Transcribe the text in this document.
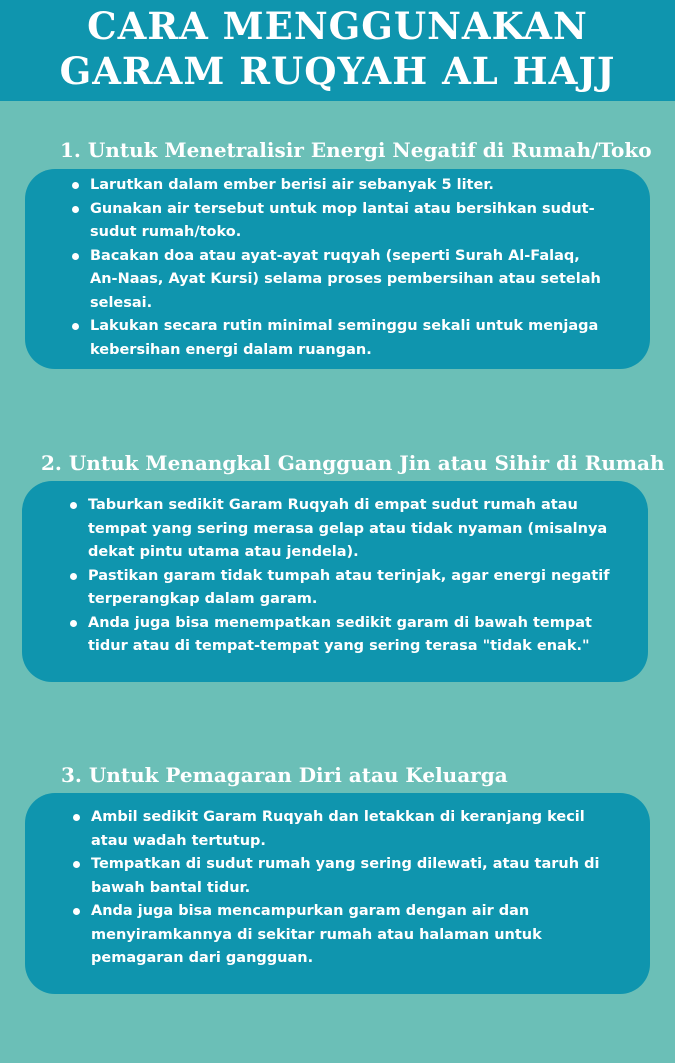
CARA MENGGUNAKAN
GARAM RUQYAH AL HAJJ
1. Untuk Menetralisir Energi Negatif di Rumah/Toko
Larutkan dalam ember berisi air sebanyak 5 liter.
Gunakan air tersebut untuk mop lantai atau bersihkan sudut-sudut rumah/toko.
Bacakan doa atau ayat-ayat ruqyah (seperti Surah Al-Falaq, An-Naas, Ayat Kursi) selama proses pembersihan atau setelah selesai.
Lakukan secara rutin minimal seminggu sekali untuk menjaga kebersihan energi dalam ruangan.
2. Untuk Menangkal Gangguan Jin atau Sihir di Rumah
Taburkan sedikit Garam Ruqyah di empat sudut rumah atau tempat yang sering merasa gelap atau tidak nyaman (misalnya dekat pintu utama atau jendela).
Pastikan garam tidak tumpah atau terinjak, agar energi negatif terperangkap dalam garam.
Anda juga bisa menempatkan sedikit garam di bawah tempat tidur atau di tempat-tempat yang sering terasa "tidak enak."
3. Untuk Pemagaran Diri atau Keluarga
Ambil sedikit Garam Ruqyah dan letakkan di keranjang kecil atau wadah tertutup.
Tempatkan di sudut rumah yang sering dilewati, atau taruh di bawah bantal tidur.
Anda juga bisa mencampurkan garam dengan air dan menyiramkannya di sekitar rumah atau halaman untuk pemagaran dari gangguan.
